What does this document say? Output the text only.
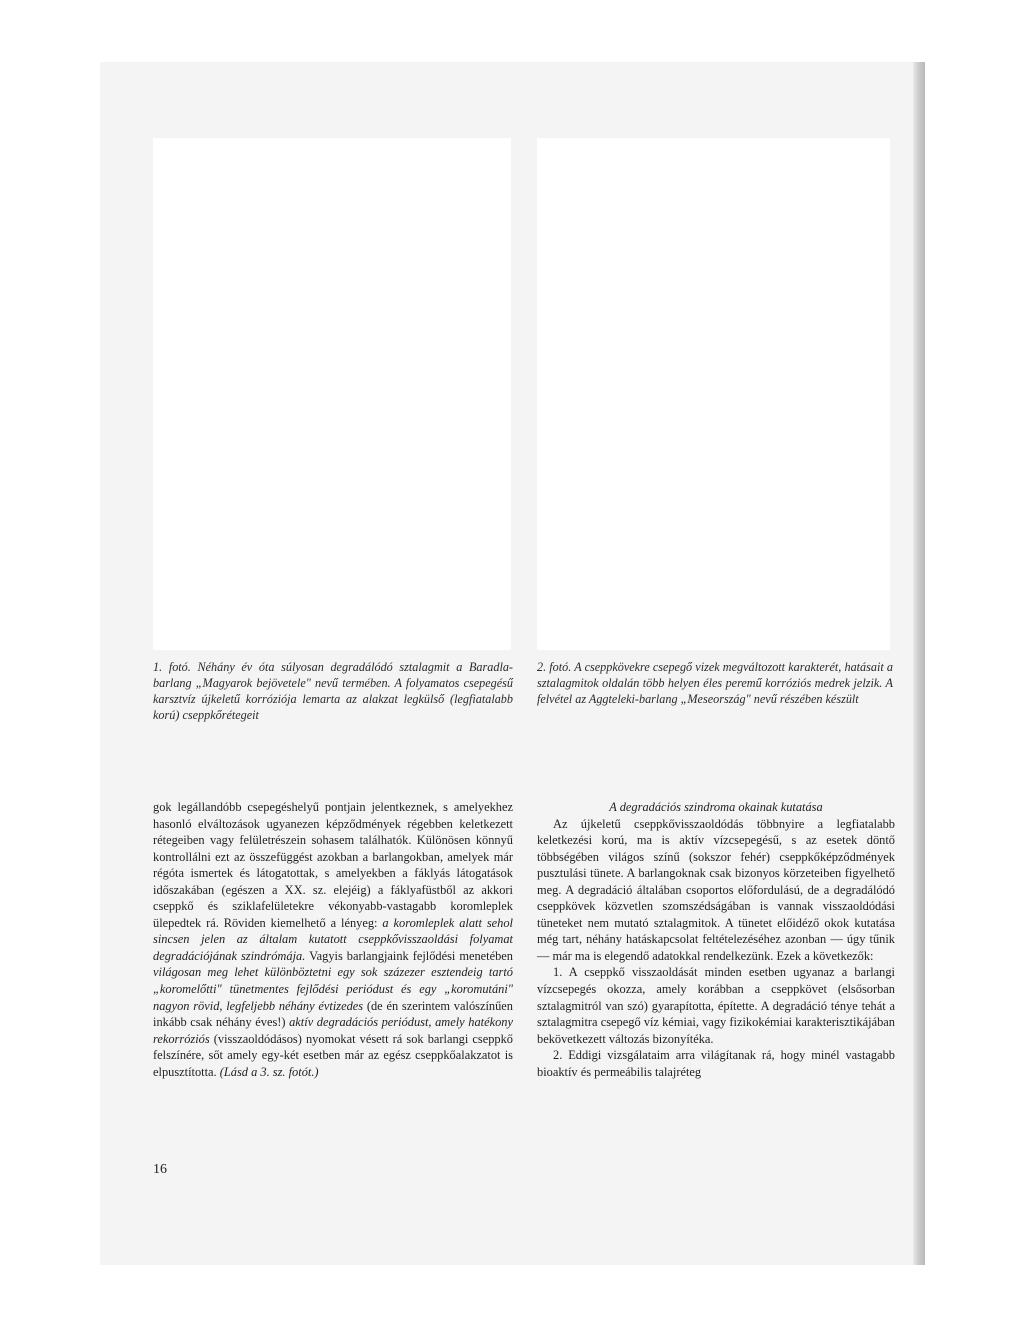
1. fotó. Néhány év óta súlyosan degradálódó sztalagmit a Baradla-barlang „Magyarok bejövetele" nevű termében. A folyamatos csepegésű karsztvíz újkeletű korróziója lemarta az alakzat legkülső (legfiatalabb korú) cseppkőrétegeit
2. fotó. A cseppkövekre csepegő vizek megváltozott karakterét, hatásait a sztalagmitok oldalán több helyen éles peremű korróziós medrek jelzik. A felvétel az Aggteleki-barlang „Meseország" nevű részében készült

gok legállandóbb csepegéshelyű pontjain jelentkeznek, s amelyekhez hasonló elváltozások ugyanezen képződmények régebben keletkezett rétegeiben vagy felületrészein sohasem találhatók. Különösen könnyű kontrollálni ezt az összefüggést azokban a barlangokban, amelyek már régóta ismertek és látogatottak, s amelyekben a fáklyás látogatások időszakában (egészen a XX. sz. elejéig) a fáklyafüstből az akkori cseppkő és sziklafelületekre vékonyabb-vastagabb koromleplek ülepedtek rá. Röviden kiemelhető a lényeg: a koromleplek alatt sehol sincsen jelen az általam kutatott cseppkővisszaoldási folyamat degradációjának szindrómája. Vagyis barlangjaink fejlődési menetében világosan meg lehet különböztetni egy sok százezer esztendeig tartó „koromelőtti" tünetmentes fejlődési periódust és egy „koromutáni" nagyon rövid, legfeljebb néhány évtizedes (de én szerintem valószínűen inkább csak néhány éves!) aktív degradációs periódust, amely hatékony rekorróziós (visszaoldódásos) nyomokat vésett rá sok barlangi cseppkő felszínére, sőt amely egy-két esetben már az egész cseppkőalakzatot is elpusztította. (Lásd a 3. sz. fotót.)

A degradációs szindroma okainak kutatása

Az újkeletű cseppkővisszaoldódás többnyire a legfiatalabb keletkezési korú, ma is aktív vízcsepegésű, s az esetek döntő többségében világos színű (sokszor fehér) cseppkőképződmények pusztulási tünete. A barlangoknak csak bizonyos körzeteiben figyelhető meg. A degradáció általában csoportos előfordulású, de a degradálódó cseppkövek közvetlen szomszédságában is vannak visszaoldódási tüneteket nem mutató sztalagmitok. A tünetet előidéző okok kutatása még tart, néhány hatáskapcsolat feltételezéséhez azonban — úgy tűnik — már ma is elegendő adatokkal rendelkezünk. Ezek a következők:

1. A cseppkő visszaoldását minden esetben ugyanaz a barlangi vízcsepegés okozza, amely korábban a cseppkövet (elsősorban sztalagmitról van szó) gyarapította, építette. A degradáció ténye tehát a sztalagmitra csepegő víz kémiai, vagy fizikokémiai karakterisztikájában bekövetkezett változás bizonyítéka.

2. Eddigi vizsgálataim arra világítanak rá, hogy minél vastagabb bioaktív és permeábilis talajréteg

16
